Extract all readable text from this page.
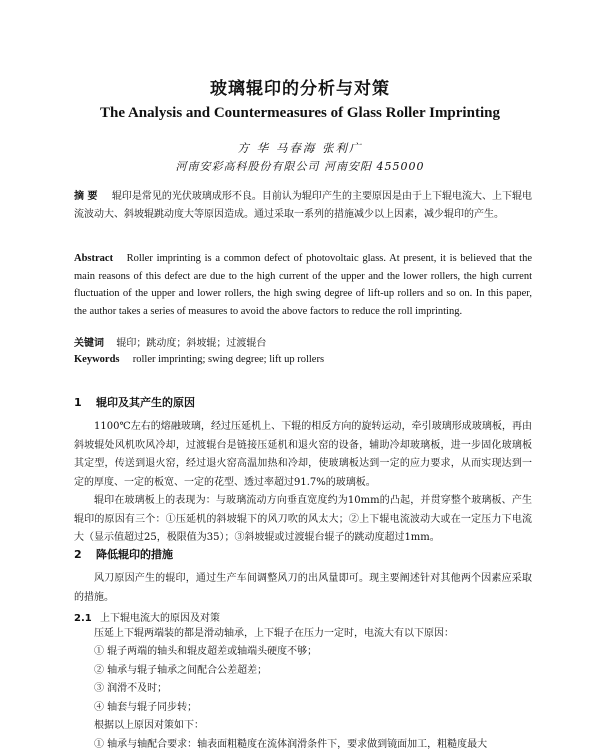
玻璃辊印的分析与对策
The Analysis and Countermeasures of Glass Roller Imprinting
方 华 马春海 张利广
河南安彩高科股份有限公司 河南安阳 455000
摘 要 辊印是常见的光伏玻璃成形不良。目前认为辊印产生的主要原因是由于上下辊电流大、上下辊电流波动大、斜坡辊跳动度大等原因造成。通过采取一系列的措施减少以上因素，减少辊印的产生。
Abstract Roller imprinting is a common defect of photovoltaic glass. At present, it is believed that the main reasons of this defect are due to the high current of the upper and the lower rollers, the high current fluctuation of the upper and lower rollers, the high swing degree of lift-up rollers and so on. In this paper, the author takes a series of measures to avoid the above factors to reduce the roll imprinting.
关键词 辊印；跳动度；斜坡辊；过渡辊台
Keywords roller imprinting; swing degree; lift up rollers
1 辊印及其产生的原因
1100℃左右的熔融玻璃，经过压延机上、下辊的相反方向的旋转运动，牵引玻璃形成玻璃板，再由斜坡辊处风机吹风冷却，过渡辊台是链接压延机和退火窑的设备，辅助冷却玻璃板，进一步固化玻璃板其定型，传送到退火窑，经过退火窑高温加热和冷却，使玻璃板达到一定的应力要求，从而实现达到一定的厚度、一定的板宽、一定的花型、透过率超过91.7%的玻璃板。
辊印在玻璃板上的表现为：与玻璃流动方向垂直宽度约为10mm的凸起，并贯穿整个玻璃板、产生辊印的原因有三个：①压延机的斜坡辊下的风刀吹的风太大；②上下辊电流波动大或在一定压力下电流大（显示值超过25，极限值为35）；③斜坡辊或过渡辊台辊子的跳动度超过1mm。
2 降低辊印的措施
风刀原因产生的辊印，通过生产车间调整风刀的出风量即可。现主要阐述针对其他两个因素应采取的措施。
2.1 上下辊电流大的原因及对策
压延上下辊两端装的都是滑动轴承，上下辊子在压力一定时，电流大有以下原因：
① 辊子两端的轴头和辊皮超差或轴端头硬度不够；
② 轴承与辊子轴承之间配合公差超差；
③ 润滑不及时；
④ 轴套与辊子同步转；
根据以上原因对策如下：
① 轴承与轴配合要求：轴表面粗糙度在流体润滑条件下，要求做到镜面加工，粗糙度最大
